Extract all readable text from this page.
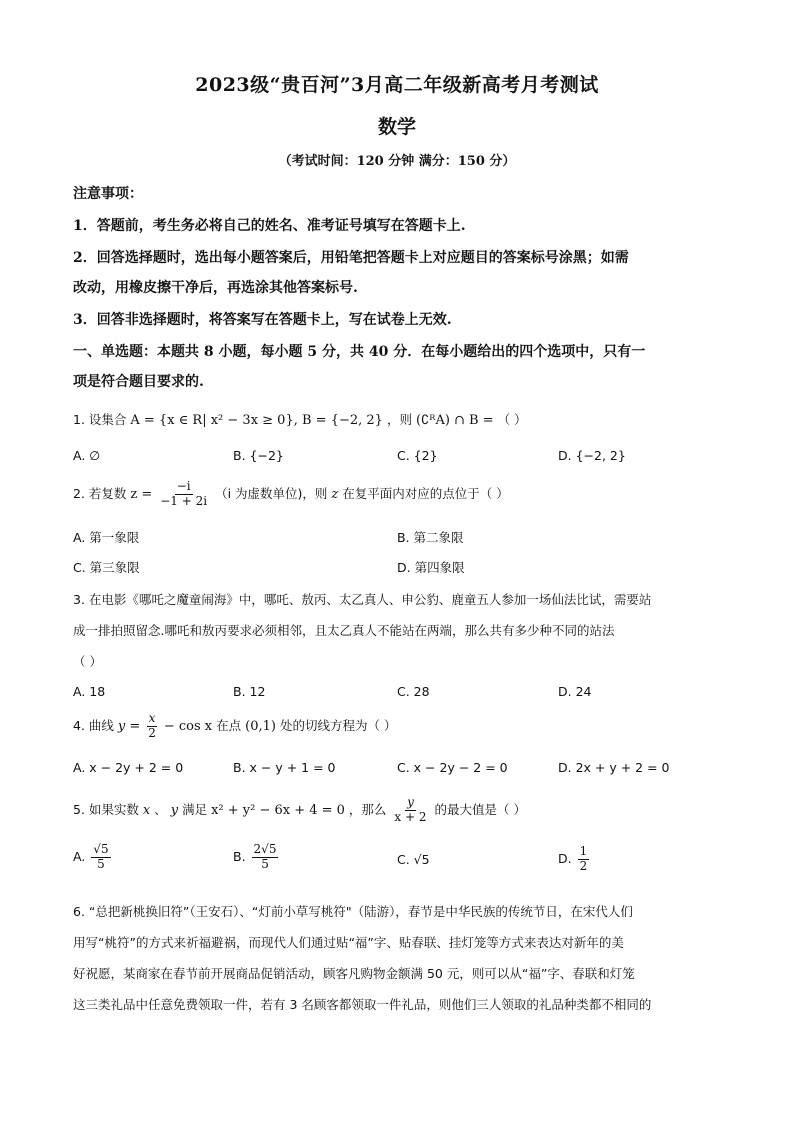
2023级“贵百河”3月高二年级新高考月考测试
数学
（考试时间：120 分钟 满分：150 分）
注意事项：
1．答题前，考生务必将自己的姓名、准考证号填写在答题卡上.
2．回答选择题时，选出每小题答案后，用铅笔把答题卡上对应题目的答案标号涂黑；如需
改动，用橡皮擦干净后，再选涂其他答案标号.
3．回答非选择题时，将答案写在答题卡上，写在试卷上无效.
一、单选题：本题共 8 小题，每小题 5 分，共 40 分．在每小题给出的四个选项中，只有一
项是符合题目要求的.
1. 设集合 A = {x ∈ R| x² − 3x ≥ 0}, B = {−2, 2} ，则 (∁ᴿA) ∩ B = （ ）
A. ∅	B. {−2}	C. {2}	D. {−2, 2}
2. 若复数 $z = \frac{-i}{-1 + 2i} (i$ 为虚数单位)，则 z 在复平面内对应的点位于（ ）
A. 第一象限	B. 第二象限
C. 第三象限	D. 第四象限
3. 在电影《哪吒之魔童闹海》中，哪吒、敖丙、太乙真人、申公豹、鹿童五人参加一场仙法比试，需要站
成一排拍照留念.哪吒和敖丙要求必须相邻，且太乙真人不能站在两端，那么共有多少种不同的站法
（ ）
A. 18	B. 12	C. 28	D. 24
4. 曲线 $y = \frac{x}{2} - \cos x$ 在点 (0,1) 处的切线方程为（ ）
A. x − 2y + 2 = 0	B. x − y + 1 = 0	C. x − 2y − 2 = 0	D. 2x + y + 2 = 0
5. 如果实数 x 、 y 满足 x² + y² − 6x + 4 = 0 ，那么 $\frac{y}{x + 2}$ 的最大值是（ ）
A. $\frac{√5}{5}$	B. $\frac{2√5}{5}$	C. √5	D. $\frac{1}{2}$
6. “总把新桃换旧符”（王安石）、“灯前小草写桃符"（陆游），春节是中华民族的传统节日，在宋代人们
用写“桃符”的方式来祈福避祸，而现代人们通过贴“福”字、贴春联、挂灯笼等方式来表达对新年的美
好祝愿，某商家在春节前开展商品促销活动，顾客凡购物金额满 50 元，则可以从“福”字、春联和灯笼
这三类礼品中任意免费领取一件，若有 3 名顾客都领取一件礼品，则他们三人领取的礼品种类都不相同的
